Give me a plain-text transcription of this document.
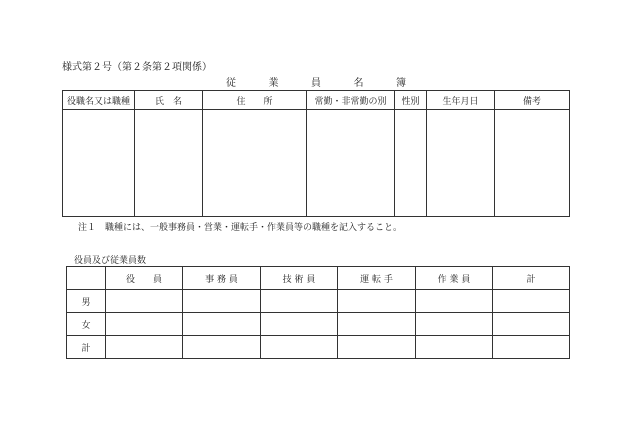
様式第２号（第２条第２項関係）
従	業	員	名	簿
役職名又は職種	氏　名	住　　所	常勤・非常勤の別	性別	生年月日	備考

注１　職種には、一般事務員・営業・運転手・作業員等の職種を記入すること。
役員及び従業員数
	役　　員	事 務 員	技 術 員	運 転 手	作 業 員	計
男						
女						
計						
